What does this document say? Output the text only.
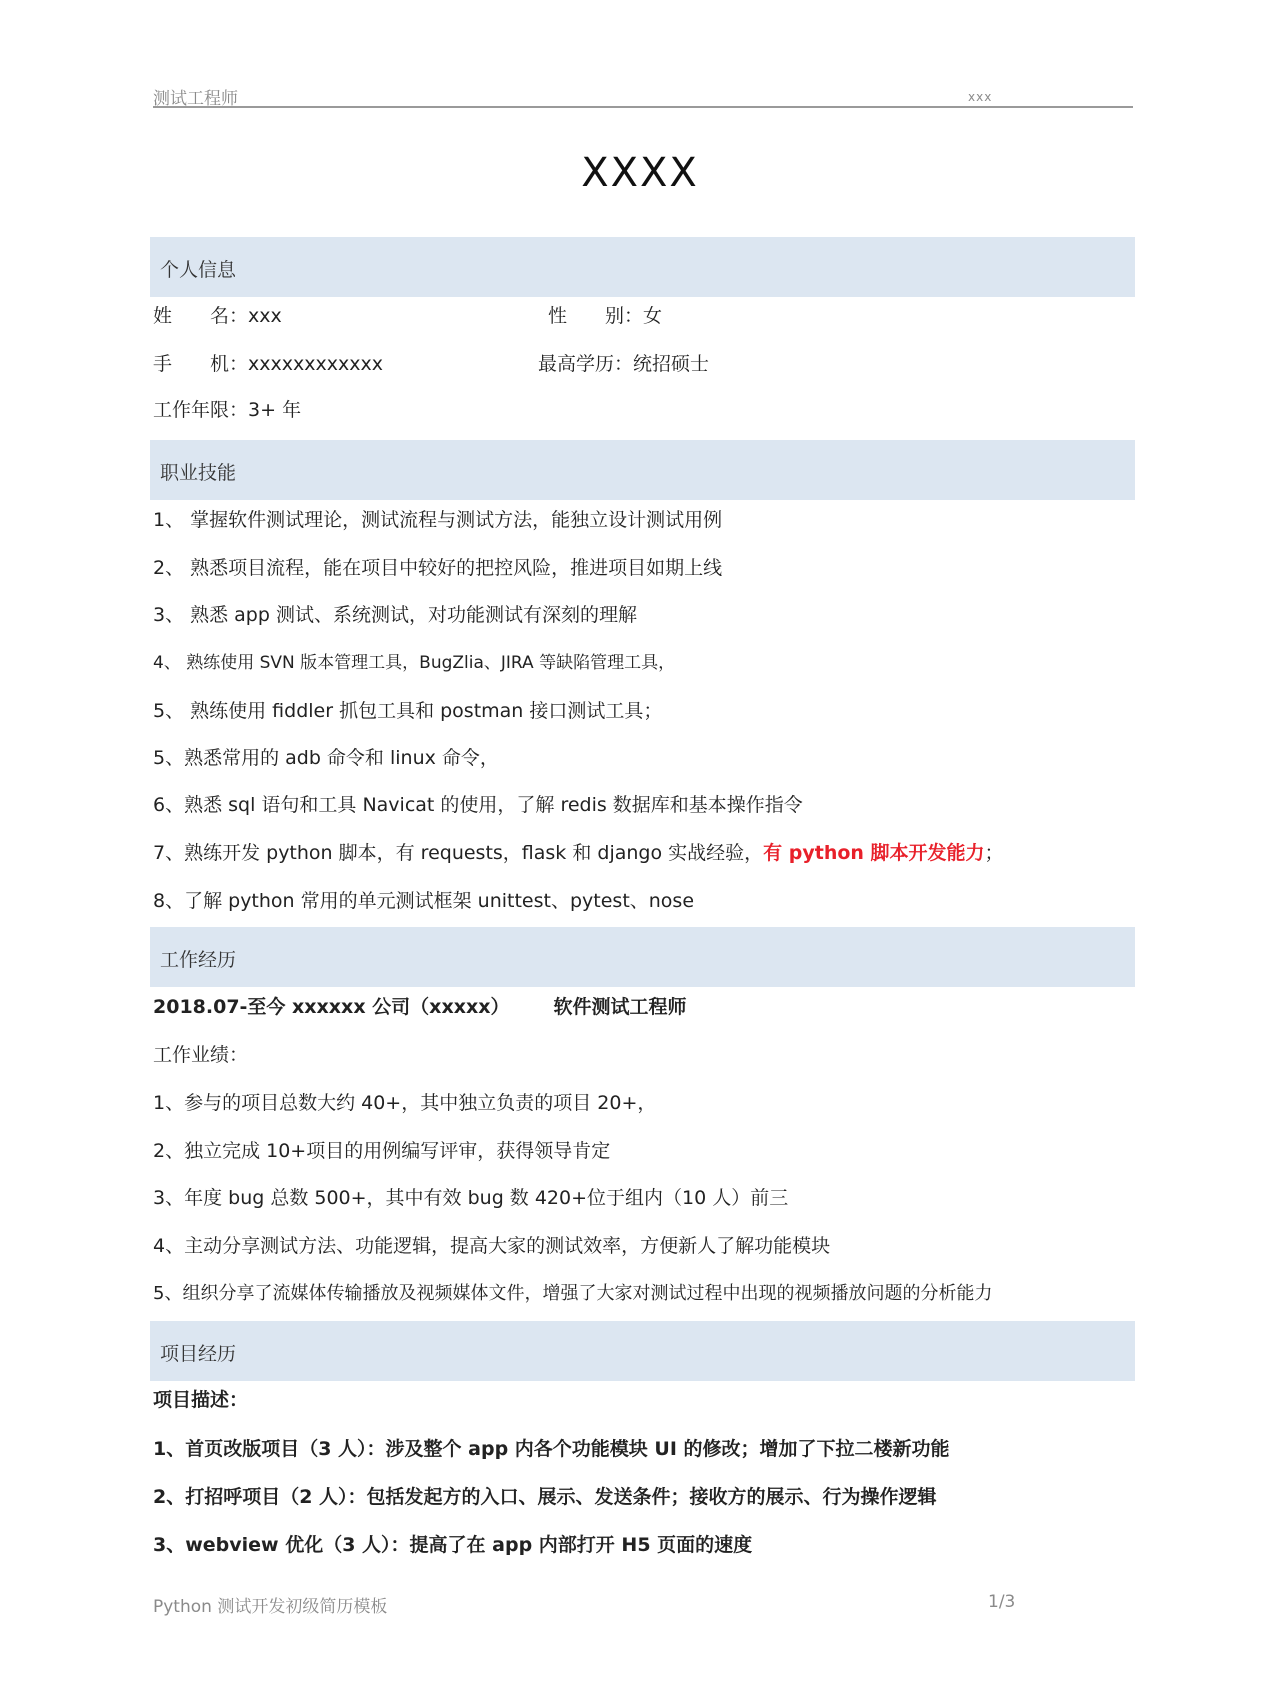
测试工程师	xxx
XXXX
个人信息
姓　　名：xxx	性　　别：女
手　　机：xxxxxxxxxxxx	最高学历：统招硕士
工作年限：3+ 年
职业技能
1、 掌握软件测试理论，测试流程与测试方法，能独立设计测试用例
2、 熟悉项目流程，能在项目中较好的把控风险，推进项目如期上线
3、 熟悉 app 测试、系统测试，对功能测试有深刻的理解
4、 熟练使用 SVN 版本管理工具，BugZlia、JIRA 等缺陷管理工具，
5、 熟练使用 fiddler 抓包工具和 postman 接口测试工具；
5、熟悉常用的 adb 命令和 linux 命令，
6、熟悉 sql 语句和工具 Navicat 的使用，了解 redis 数据库和基本操作指令
7、熟练开发 python 脚本，有 requests，flask 和 django 实战经验，有 python 脚本开发能力；
8、了解 python 常用的单元测试框架 unittest、pytest、nose
工作经历
2018.07-至今 xxxxxx 公司（xxxxx） 软件测试工程师
工作业绩：
1、参与的项目总数大约 40+，其中独立负责的项目 20+，
2、独立完成 10+项目的用例编写评审，获得领导肯定
3、年度 bug 总数 500+，其中有效 bug 数 420+位于组内（10 人）前三
4、主动分享测试方法、功能逻辑，提高大家的测试效率，方便新人了解功能模块
5、组织分享了流媒体传输播放及视频媒体文件，增强了大家对测试过程中出现的视频播放问题的分析能力
项目经历
项目描述：
1、首页改版项目（3 人）：涉及整个 app 内各个功能模块 UI 的修改；增加了下拉二楼新功能
2、打招呼项目（2 人）：包括发起方的入口、展示、发送条件；接收方的展示、行为操作逻辑
3、webview 优化（3 人）：提高了在 app 内部打开 H5 页面的速度
Python 测试开发初级简历模板	1/3
